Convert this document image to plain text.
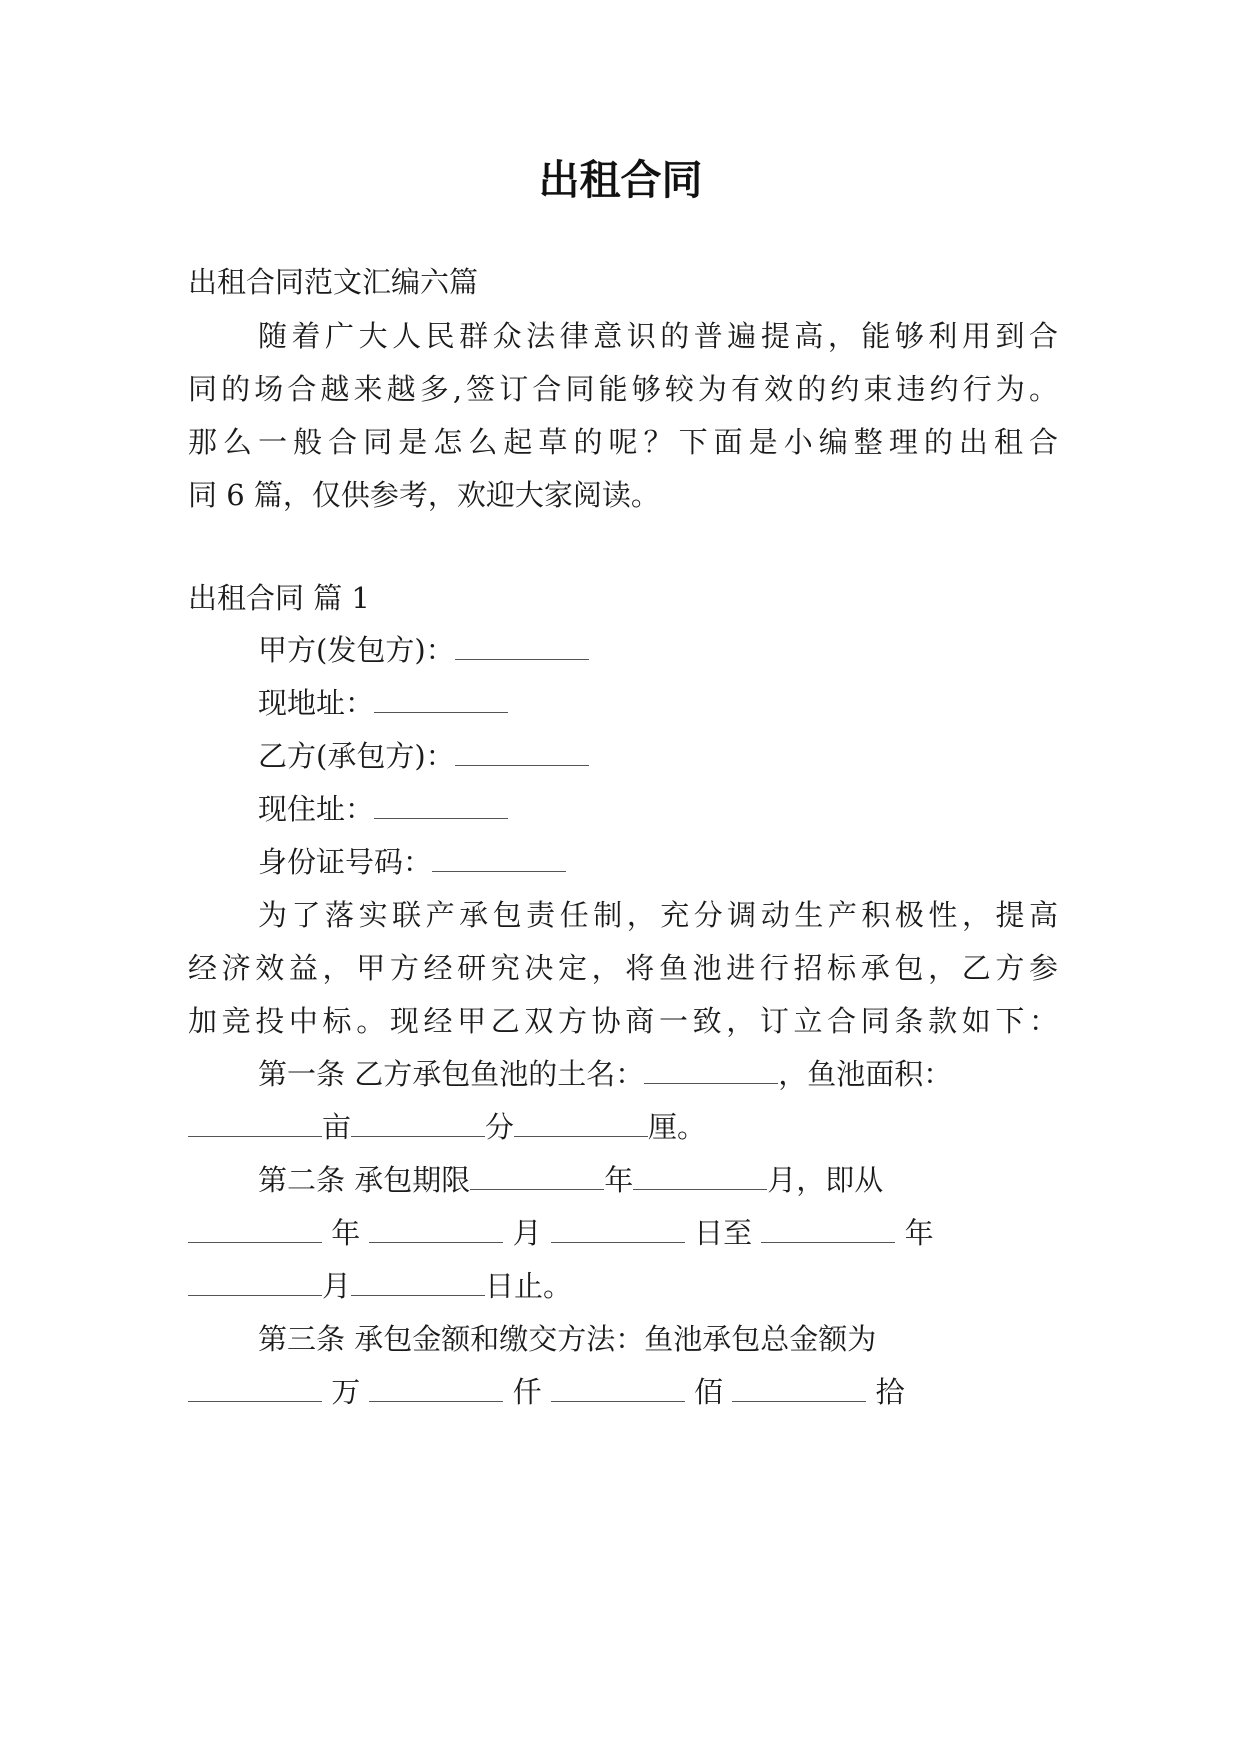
出租合同

出租合同范文汇编六篇

随着广大人民群众法律意识的普遍提高，能够利用到合

同的场合越来越多,签订合同能够较为有效的约束违约行为。

那么一般合同是怎么起草的呢？下面是小编整理的出租合

同 6 篇，仅供参考，欢迎大家阅读。

出租合同 篇 1

甲方(发包方)：

现地址：

乙方(承包方)：

现住址：

身份证号码：

为了落实联产承包责任制，充分调动生产积极性，提高

经济效益，甲方经研究决定，将鱼池进行招标承包，乙方参

加竞投中标。现经甲乙双方协商一致，订立合同条款如下：

第一条 乙方承包鱼池的土名：	，鱼池面积：

亩	分	厘。

第二条 承包期限	年	月，即从

年	月	日至	年

月	日止。

第三条 承包金额和缴交方法：鱼池承包总金额为

万	仟	佰	拾
